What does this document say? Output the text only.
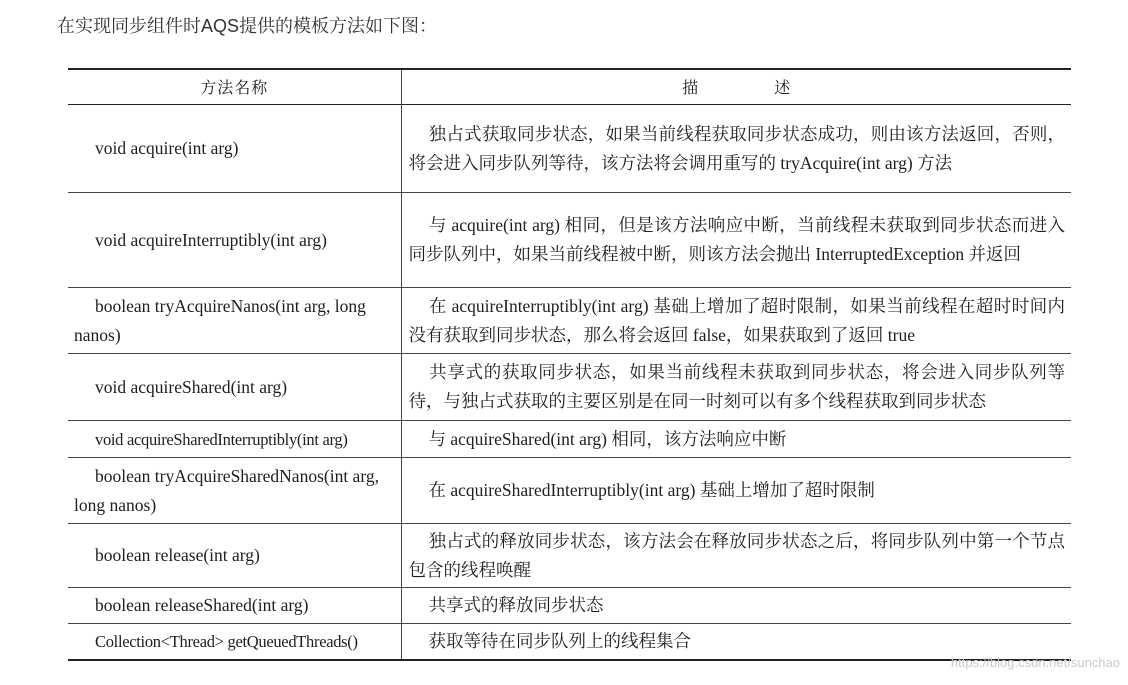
在实现同步组件时AQS提供的模板方法如下图：
方法名称	描　述
void acquire(int arg)	独占式获取同步状态，如果当前线程获取同步状态成功，则由该方法返回，否则，将会进入同步队列等待，该方法将会调用重写的 tryAcquire(int arg) 方法
void acquireInterruptibly(int arg)	与 acquire(int arg) 相同，但是该方法响应中断，当前线程未获取到同步状态而进入同步队列中，如果当前线程被中断，则该方法会抛出 InterruptedException 并返回
boolean tryAcquireNanos(int arg, long nanos)	在 acquireInterruptibly(int arg) 基础上增加了超时限制，如果当前线程在超时时间内没有获取到同步状态，那么将会返回 false，如果获取到了返回 true
void acquireShared(int arg)	共享式的获取同步状态，如果当前线程未获取到同步状态，将会进入同步队列等待，与独占式获取的主要区别是在同一时刻可以有多个线程获取到同步状态
void acquireSharedInterruptibly(int arg)	与 acquireShared(int arg) 相同，该方法响应中断
boolean tryAcquireSharedNanos(int arg, long nanos)	在 acquireSharedInterruptibly(int arg) 基础上增加了超时限制
boolean release(int arg)	独占式的释放同步状态，该方法会在释放同步状态之后，将同步队列中第一个节点包含的线程唤醒
boolean releaseShared(int arg)	共享式的释放同步状态
Collection<Thread> getQueuedThreads()	获取等待在同步队列上的线程集合
https://blog.csdn.net/sunchao
